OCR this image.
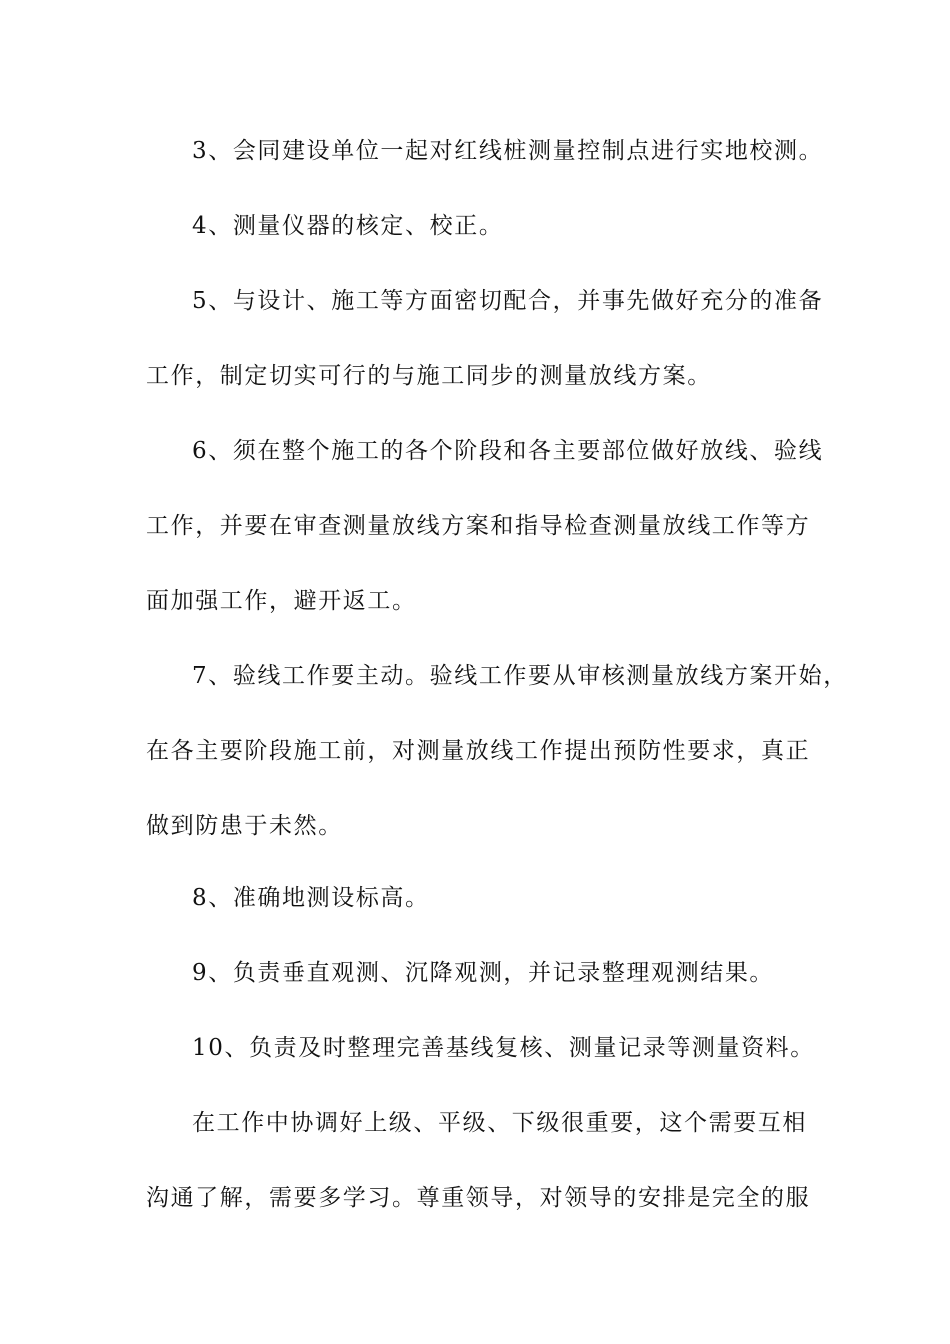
3、会同建设单位一起对红线桩测量控制点进行实地校测。
4、测量仪器的核定、校正。
5、与设计、施工等方面密切配合，并事先做好充分的准备
工作，制定切实可行的与施工同步的测量放线方案。
6、须在整个施工的各个阶段和各主要部位做好放线、验线
工作，并要在审查测量放线方案和指导检查测量放线工作等方
面加强工作，避开返工。
7、验线工作要主动。验线工作要从审核测量放线方案开始，
在各主要阶段施工前，对测量放线工作提出预防性要求，真正
做到防患于未然。
8、准确地测设标高。
9、负责垂直观测、沉降观测，并记录整理观测结果。
10、负责及时整理完善基线复核、测量记录等测量资料。
在工作中协调好上级、平级、下级很重要，这个需要互相
沟通了解，需要多学习。尊重领导，对领导的安排是完全的服
